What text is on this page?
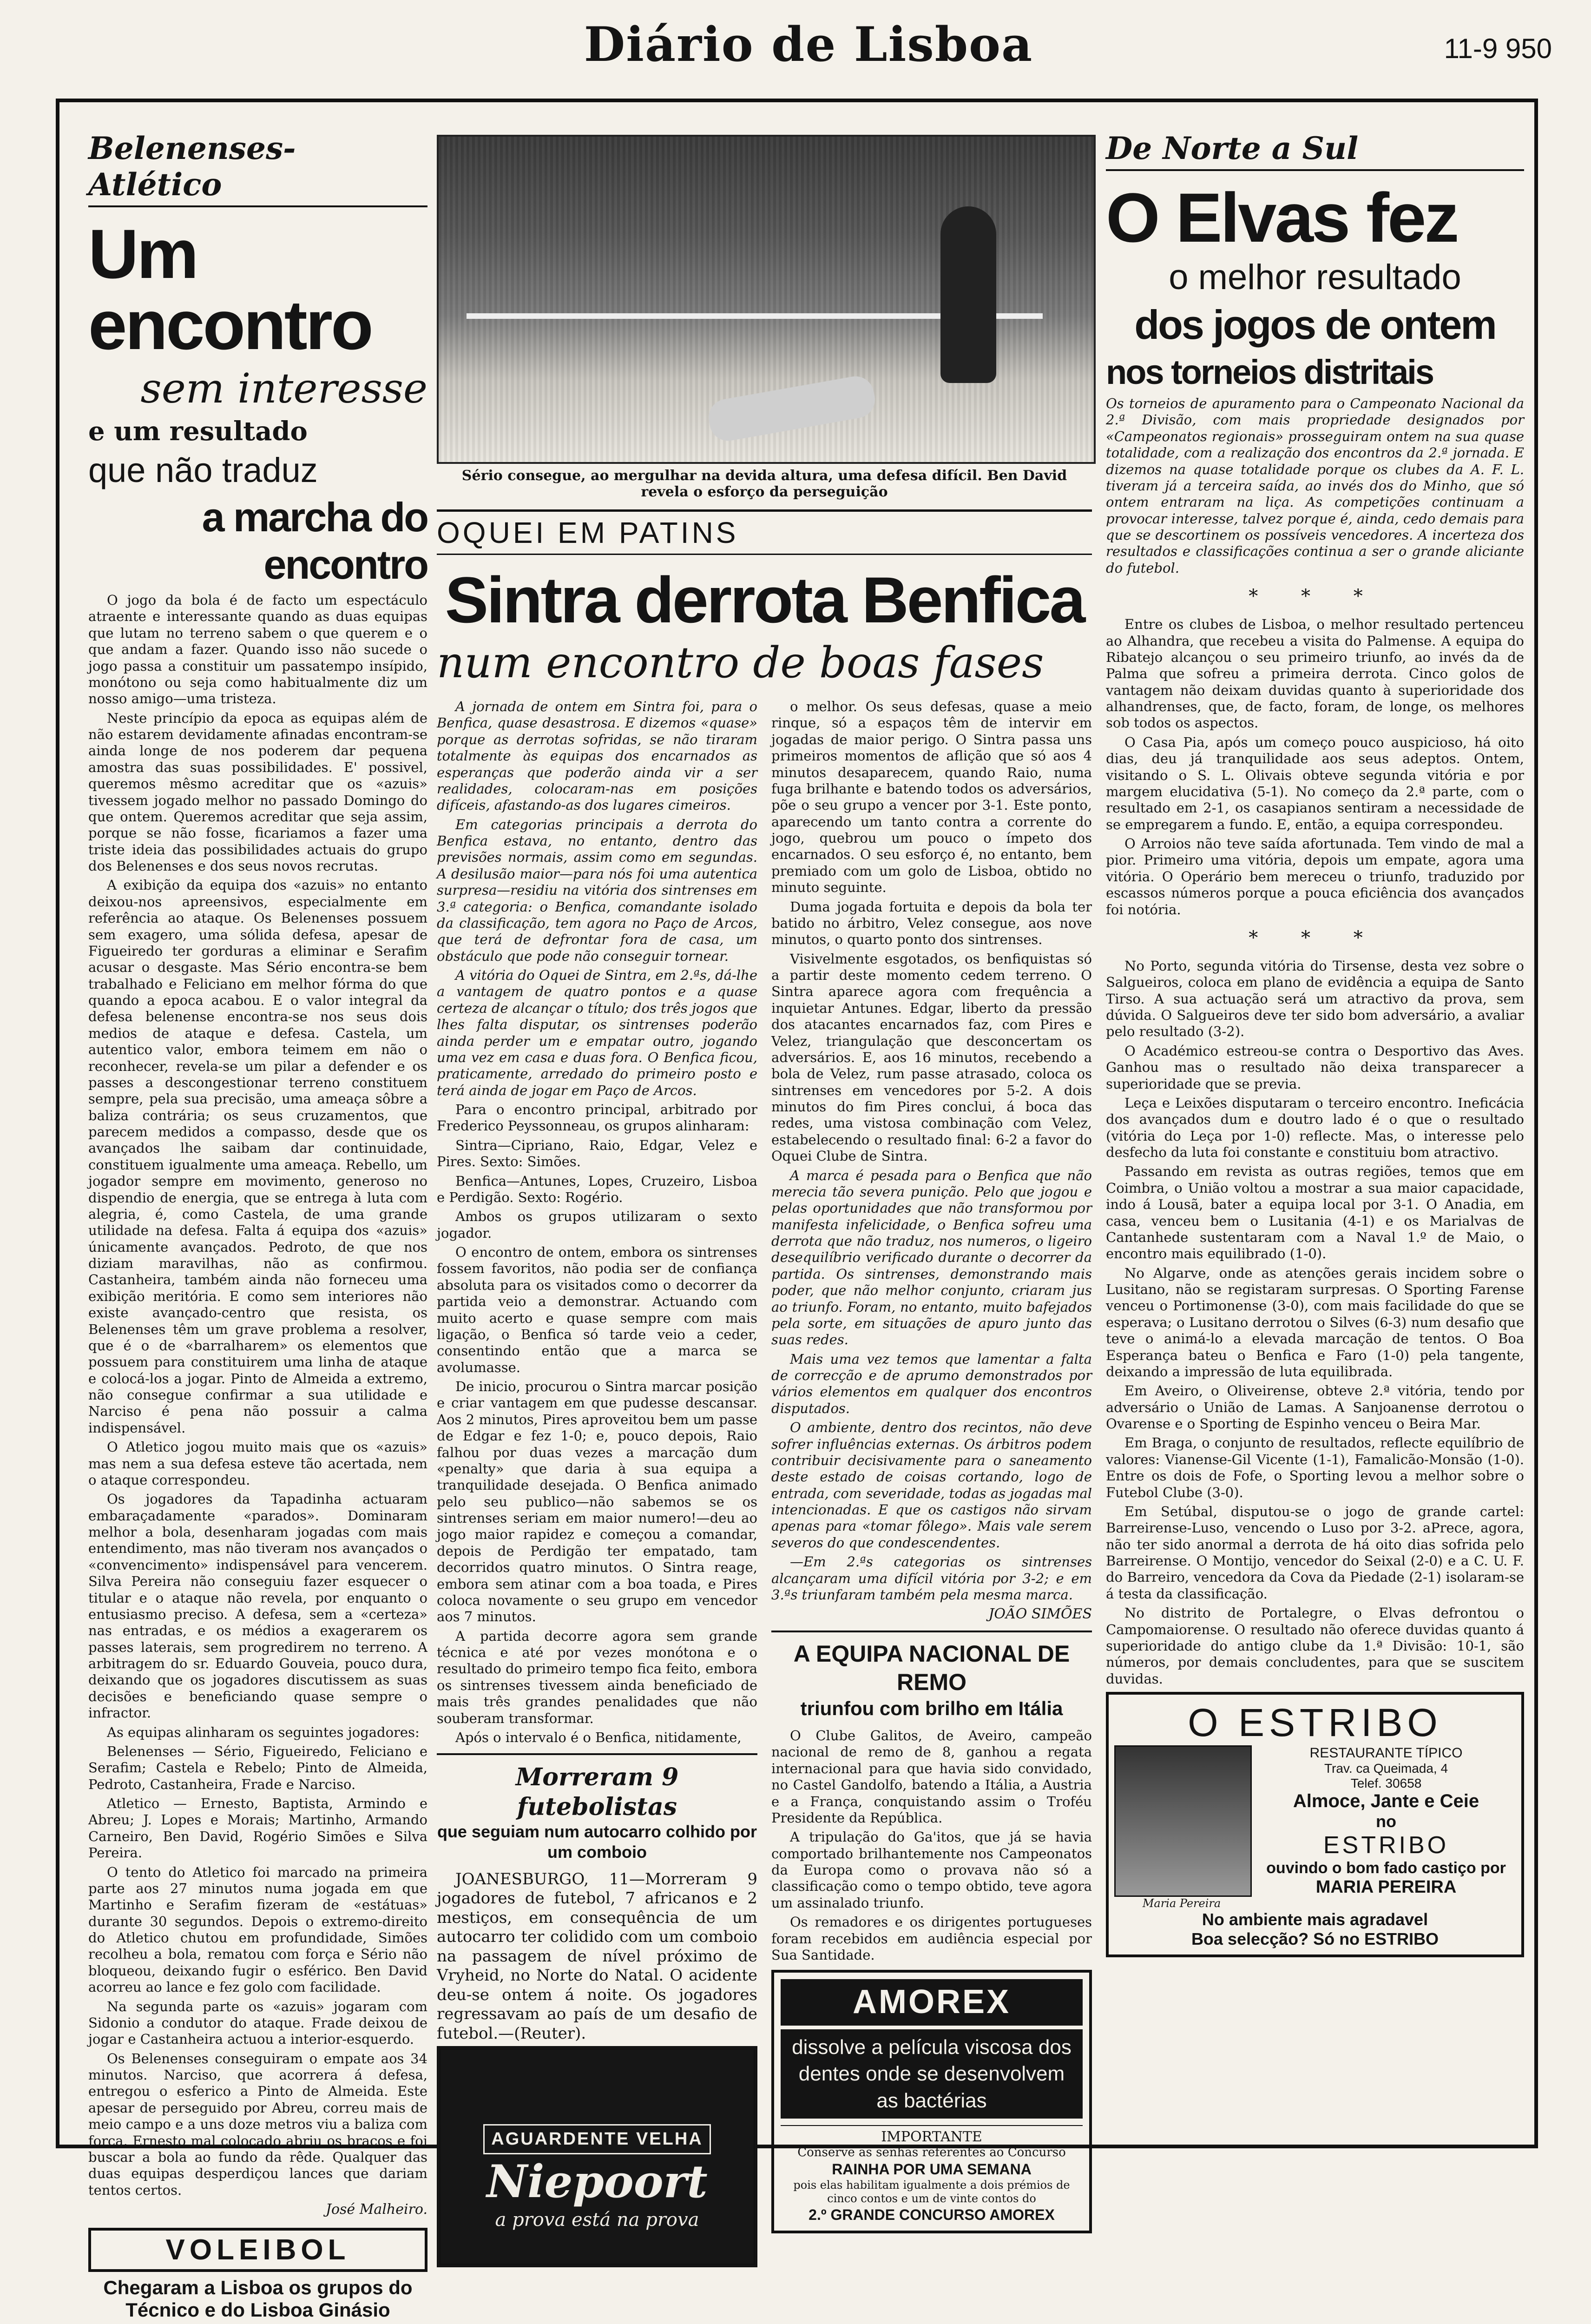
Diário de Lisboa	11-9 950
Belenenses-Atlético
Um encontro
sem interesse
e um resultado
que não traduz
a marcha do encontro

O jogo da bola é de facto um espectáculo atraente e interessante quando as duas equipas que lutam no terreno sabem o que querem e o que andam a fazer. Quando isso não sucede o jogo passa a constituir um passatempo insípido, monótono ou seja como habitualmente diz um nosso amigo—uma tristeza.

Neste princípio da epoca as equipas além de não estarem devidamente afinadas encontram-se ainda longe de nos poderem dar pequena amostra das suas possibilidades. E' possivel, queremos mêsmo acreditar que os «azuis» tivessem jogado melhor no passado Domingo do que ontem. Queremos acreditar que seja assim, porque se não fosse, ficariamos a fazer uma triste ideia das possibilidades actuais do grupo dos Belenenses e dos seus novos recrutas.

A exibição da equipa dos «azuis» no entanto deixou-nos apreensivos, especialmente em referência ao ataque. Os Belenenses possuem sem exagero, uma sólida defesa, apesar de Figueiredo ter gorduras a eliminar e Serafim acusar o desgaste. Mas Sério encontra-se bem trabalhado e Feliciano em melhor fórma do que quando a epoca acabou. E o valor integral da defesa belenense encontra-se nos seus dois medios de ataque e defesa. Castela, um autentico valor, embora teimem em não o reconhecer, revela-se um pilar a defender e os passes a descongestionar terreno constituem sempre, pela sua precisão, uma ameaça sôbre a baliza contrária; os seus cruzamentos, que parecem medidos a compasso, desde que os avançados lhe saibam dar continuidade, constituem igualmente uma ameaça. Rebello, um jogador sempre em movimento, generoso no dispendio de energia, que se entrega à luta com alegria, é, como Castela, de uma grande utilidade na defesa. Falta á equipa dos «azuis» únicamente avançados. Pedroto, de que nos diziam maravilhas, não as confirmou. Castanheira, também ainda não forneceu uma exibição meritória. E como sem interiores não existe avançado-centro que resista, os Belenenses têm um grave problema a resolver, que é o de «barralharem» os elementos que possuem para constituirem uma linha de ataque e colocá-los a jogar. Pinto de Almeida a extremo, não consegue confirmar a sua utilidade e Narciso é pena não possuir a calma indispensável.

O Atletico jogou muito mais que os «azuis» mas nem a sua defesa esteve tão acertada, nem o ataque correspondeu.

Os jogadores da Tapadinha actuaram embaraçadamente «parados». Dominaram melhor a bola, desenharam jogadas com mais entendimento, mas não tiveram nos avançados o «convencimento» indispensável para vencerem. Silva Pereira não conseguiu fazer esquecer o titular e o ataque não revela, por enquanto o entusiasmo preciso. A defesa, sem a «certeza» nas entradas, e os médios a exagerarem os passes laterais, sem progredirem no terreno. A arbitragem do sr. Eduardo Gouveia, pouco dura, deixando que os jogadores discutissem as suas decisões e beneficiando quase sempre o infractor.

As equipas alinharam os seguintes jogadores:

Belenenses — Sério, Figueiredo, Feliciano e Serafim; Castela e Rebelo; Pinto de Almeida, Pedroto, Castanheira, Frade e Narciso.

Atletico — Ernesto, Baptista, Armindo e Abreu; J. Lopes e Morais; Martinho, Armando Carneiro, Ben David, Rogério Simões e Silva Pereira.

O tento do Atletico foi marcado na primeira parte aos 27 minutos numa jogada em que Martinho e Serafim fizeram de «estátuas» durante 30 segundos. Depois o extremo-direito do Atletico chutou em profundidade, Simões recolheu a bola, rematou com força e Sério não bloqueou, deixando fugir o esférico. Ben David acorreu ao lance e fez golo com facilidade.

Na segunda parte os «azuis» jogaram com Sidonio a condutor do ataque. Frade deixou de jogar e Castanheira actuou a interior-esquerdo.

Os Belenenses conseguiram o empate aos 34 minutos. Narciso, que acorrera á defesa, entregou o esferico a Pinto de Almeida. Este apesar de perseguido por Abreu, correu mais de meio campo e a uns doze metros viu a baliza com força. Ernesto mal colocado abriu os braços e foi buscar a bola ao fundo da rêde. Qualquer das duas equipas desperdiçou lances que dariam tentos certos.

José Malheiro.
VOLEIBOL
Chegaram a Lisboa os grupos do Técnico e do Lisboa Ginásio

Sério consegue, ao mergulhar na devida altura, uma defesa difícil. Ben David revela o esforço da perseguição
OQUEI EM PATINS
Sintra derrota Benfica
num encontro de boas fases

A jornada de ontem em Sintra foi, para o Benfica, quase desastrosa. E dizemos «quase» porque as derrotas sofridas, se não tiraram totalmente às equipas dos encarnados as esperanças que poderão ainda vir a ser realidades, colocaram-nas em posições difíceis, afastando-as dos lugares cimeiros.

Em categorias principais a derrota do Benfica estava, no entanto, dentro das previsões normais, assim como em segundas. A desilusão maior—para nós foi uma autentica surpresa—residiu na vitória dos sintrenses em 3.ª categoria: o Benfica, comandante isolado da classificação, tem agora no Paço de Arcos, que terá de defrontar fora de casa, um obstáculo que pode não conseguir tornear.

A vitória do Oquei de Sintra, em 2.ªs, dá-lhe a vantagem de quatro pontos e a quase certeza de alcançar o título; dos três jogos que lhes falta disputar, os sintrenses poderão ainda perder um e empatar outro, jogando uma vez em casa e duas fora. O Benfica ficou, praticamente, arredado do primeiro posto e terá ainda de jogar em Paço de Arcos.

Para o encontro principal, arbitrado por Frederico Peyssonneau, os grupos alinharam:

Sintra—Cipriano, Raio, Edgar, Velez e Pires. Sexto: Simões.

Benfica—Antunes, Lopes, Cruzeiro, Lisboa e Perdigão. Sexto: Rogério.

Ambos os grupos utilizaram o sexto jogador.

O encontro de ontem, embora os sintrenses fossem favoritos, não podia ser de confiança absoluta para os visitados como o decorrer da partida veio a demonstrar. Actuando com muito acerto e quase sempre com mais ligação, o Benfica só tarde veio a ceder, consentindo então que a marca se avolumasse.

De inicio, procurou o Sintra marcar posição e criar vantagem em que pudesse descansar. Aos 2 minutos, Pires aproveitou bem um passe de Edgar e fez 1-0; e, pouco depois, Raio falhou por duas vezes a marcação dum «penalty» que daria à sua equipa a tranquilidade desejada. O Benfica animado pelo seu publico—não sabemos se os sintrenses seriam em maior numero!—deu ao jogo maior rapidez e começou a comandar, depois de Perdigão ter empatado, tam decorridos quatro minutos. O Sintra reage, embora sem atinar com a boa toada, e Pires coloca novamente o seu grupo em vencedor aos 7 minutos.

A partida decorre agora sem grande técnica e até por vezes monótona e o resultado do primeiro tempo fica feito, embora os sintrenses tivessem ainda beneficiado de mais três grandes penalidades que não souberam transformar.

Após o intervalo é o Benfica, nitidamente,

Morreram 9 futebolistas
que seguiam num autocarro colhido por um comboio

JOANESBURGO, 11—Morreram 9 jogadores de futebol, 7 africanos e 2 mestiços, em consequência de um autocarro ter colidido com um comboio na passagem de nível próximo de Vryheid, no Norte do Natal. O acidente deu-se ontem á noite. Os jogadores regressavam ao país de um desafio de futebol.—(Reuter).

AGUARDENTE VELHA
Niepoort
a prova está na prova

o melhor. Os seus defesas, quase a meio rinque, só a espaços têm de intervir em jogadas de maior perigo. O Sintra passa uns primeiros momentos de aflição que só aos 4 minutos desaparecem, quando Raio, numa fuga brilhante e batendo todos os adversários, põe o seu grupo a vencer por 3-1. Este ponto, aparecendo um tanto contra a corrente do jogo, quebrou um pouco o ímpeto dos encarnados. O seu esforço é, no entanto, bem premiado com um golo de Lisboa, obtido no minuto seguinte.

Duma jogada fortuita e depois da bola ter batido no árbitro, Velez consegue, aos nove minutos, o quarto ponto dos sintrenses.

Visivelmente esgotados, os benfiquistas só a partir deste momento cedem terreno. O Sintra aparece agora com frequência a inquietar Antunes. Edgar, liberto da pressão dos atacantes encarnados faz, com Pires e Velez, triangulação que desconcertam os adversários. E, aos 16 minutos, recebendo a bola de Velez, rum passe atrasado, coloca os sintrenses em vencedores por 5-2. A dois minutos do fim Pires conclui, á boca das redes, uma vistosa combinação com Velez, estabelecendo o resultado final: 6-2 a favor do Oquei Clube de Sintra.

A marca é pesada para o Benfica que não merecia tão severa punição. Pelo que jogou e pelas oportunidades que não transformou por manifesta infelicidade, o Benfica sofreu uma derrota que não traduz, nos numeros, o ligeiro desequilíbrio verificado durante o decorrer da partida. Os sintrenses, demonstrando mais poder, que não melhor conjunto, criaram jus ao triunfo. Foram, no entanto, muito bafejados pela sorte, em situações de apuro junto das suas redes.

Mais uma vez temos que lamentar a falta de correcção e de aprumo demonstrados por vários elementos em qualquer dos encontros disputados.

O ambiente, dentro dos recintos, não deve sofrer influências externas. Os árbitros podem contribuir decisivamente para o saneamento deste estado de coisas cortando, logo de entrada, com severidade, todas as jogadas mal intencionadas. E que os castigos não sirvam apenas para «tomar fôlego». Mais vale serem severos do que condescendentes.

—Em 2.ªs categorias os sintrenses alcançaram uma difícil vitória por 3-2; e em 3.ªs triunfaram também pela mesma marca.

JOÃO SIMÕES
A EQUIPA NACIONAL DE REMO
triunfou com brilho em Itália

O Clube Galitos, de Aveiro, campeão nacional de remo de 8, ganhou a regata internacional para que havia sido convidado, no Castel Gandolfo, batendo a Itália, a Austria e a França, conquistando assim o Troféu Presidente da República.

A tripulação do Ga'itos, que já se havia comportado brilhantemente nos Campeonatos da Europa como o provava não só a classificação como o tempo obtido, teve agora um assinalado triunfo.

Os remadores e os dirigentes portugueses foram recebidos em audiência especial por Sua Santidade.

AMOREX
dissolve a película viscosa dos dentes onde se desenvolvem as bactérias
IMPORTANTE
Conserve as senhas referentes ao Concurso
RAINHA POR UMA SEMANA
pois elas habilitam igualmente a dois prémios de cinco contos e um de vinte contos do
2.º GRANDE CONCURSO AMOREX
De Norte a Sul
O Elvas fez
o melhor resultado
dos jogos de ontem
nos torneios distritais
Os torneios de apuramento para o Campeonato Nacional da 2.ª Divisão, com mais propriedade designados por «Campeonatos regionais» prosseguiram ontem na sua quase totalidade, com a realização dos encontros da 2.ª jornada. E dizemos na quase totalidade porque os clubes da A. F. L. tiveram já a terceira saída, ao invés dos do Minho, que só ontem entraram na liça. As competições continuam a provocar interesse, talvez porque é, ainda, cedo demais para que se descortinem os possíveis vencedores. A incerteza dos resultados e classificações continua a ser o grande aliciante do futebol.
* * *

Entre os clubes de Lisboa, o melhor resultado pertenceu ao Alhandra, que recebeu a visita do Palmense. A equipa do Ribatejo alcançou o seu primeiro triunfo, ao invés da de Palma que sofreu a primeira derrota. Cinco golos de vantagem não deixam duvidas quanto à superioridade dos alhandrenses, que, de facto, foram, de longe, os melhores sob todos os aspectos.

O Casa Pia, após um começo pouco auspicioso, há oito dias, deu já tranquilidade aos seus adeptos. Ontem, visitando o S. L. Olivais obteve segunda vitória e por margem elucidativa (5-1). No começo da 2.ª parte, com o resultado em 2-1, os casapianos sentiram a necessidade de se empregarem a fundo. E, então, a equipa correspondeu.

O Arroios não teve saída afortunada. Tem vindo de mal a pior. Primeiro uma vitória, depois um empate, agora uma vitória. O Operário bem mereceu o triunfo, traduzido por escassos números porque a pouca eficiência dos avançados foi notória.

* * *

No Porto, segunda vitória do Tirsense, desta vez sobre o Salgueiros, coloca em plano de evidência a equipa de Santo Tirso. A sua actuação será um atractivo da prova, sem dúvida. O Salgueiros deve ter sido bom adversário, a avaliar pelo resultado (3-2).

O Académico estreou-se contra o Desportivo das Aves. Ganhou mas o resultado não deixa transparecer a superioridade que se previa.

Leça e Leixões disputaram o terceiro encontro. Ineficácia dos avançados dum e doutro lado é o que o resultado (vitória do Leça por 1-0) reflecte. Mas, o interesse pelo desfecho da luta foi constante e constituiu bom atractivo.

Passando em revista as outras regiões, temos que em Coimbra, o União voltou a mostrar a sua maior capacidade, indo á Lousã, bater a equipa local por 3-1. O Anadia, em casa, venceu bem o Lusitania (4-1) e os Marialvas de Cantanhede sustentaram com a Naval 1.º de Maio, o encontro mais equilibrado (1-0).

No Algarve, onde as atenções gerais incidem sobre o Lusitano, não se registaram surpresas. O Sporting Farense venceu o Portimonense (3-0), com mais facilidade do que se esperava; o Lusitano derrotou o Silves (6-3) num desafio que teve o animá-lo a elevada marcação de tentos. O Boa Esperança bateu o Benfica e Faro (1-0) pela tangente, deixando a impressão de luta equilibrada.

Em Aveiro, o Oliveirense, obteve 2.ª vitória, tendo por adversário o União de Lamas. A Sanjoanense derrotou o Ovarense e o Sporting de Espinho venceu o Beira Mar.

Em Braga, o conjunto de resultados, reflecte equilíbrio de valores: Vianense-Gil Vicente (1-1), Famalicão-Monsão (1-0). Entre os dois de Fofe, o Sporting levou a melhor sobre o Futebol Clube (3-0).

Em Setúbal, disputou-se o jogo de grande cartel: Barreirense-Luso, vencendo o Luso por 3-2. aPrece, agora, não ter sido anormal a derrota de há oito dias sofrida pelo Barreirense. O Montijo, vencedor do Seixal (2-0) e a C. U. F. do Barreiro, vencedora da Cova da Piedade (2-1) isolaram-se á testa da classificação.

No distrito de Portalegre, o Elvas defrontou o Campomaiorense. O resultado não oferece duvidas quanto á superioridade do antigo clube da 1.ª Divisão: 10-1, são números, por demais concludentes, para que se suscitem duvidas.

O ESTRIBO
Maria Pereira
RESTAURANTE TÍPICO
Trav. ca Queimada, 4
Telef. 30658
Almoce, Jante e Ceie
no
ESTRIBO
ouvindo o bom fado castiço por
MARIA PEREIRA
No ambiente mais agradavel
Boa selecção? Só no ESTRIBO
